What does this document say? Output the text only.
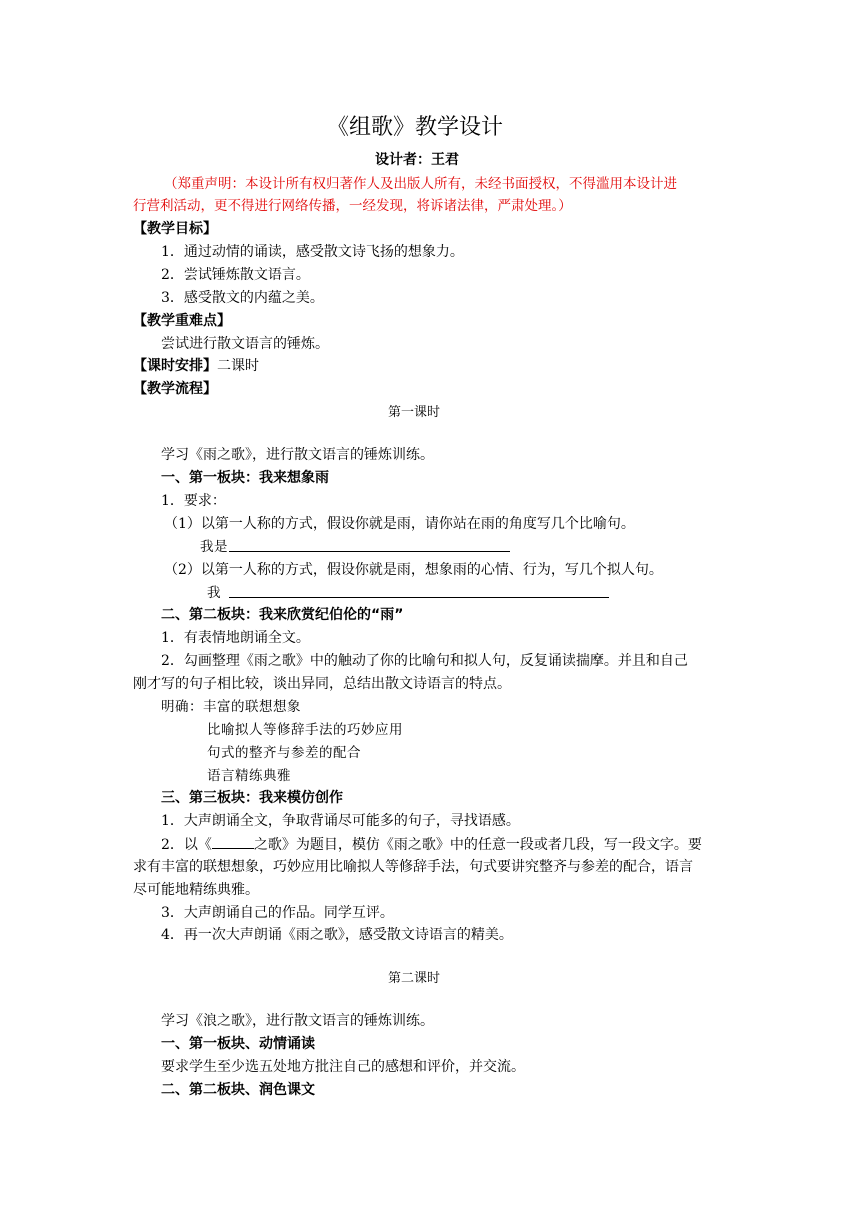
《组歌》教学设计
设计者：王君
（郑重声明：本设计所有权归著作人及出版人所有，未经书面授权，不得滥用本设计进
行营利活动，更不得进行网络传播，一经发现，将诉诸法律，严肃处理。）
【教学目标】
1．通过动情的诵读，感受散文诗飞扬的想象力。
2．尝试锤炼散文语言。
3．感受散文的内蕴之美。
【教学重难点】
尝试进行散文语言的锤炼。
【课时安排】二课时
【教学流程】
第一课时
学习《雨之歌》，进行散文语言的锤炼训练。
一、第一板块：我来想象雨
1．要求：
（1）以第一人称的方式，假设你就是雨，请你站在雨的角度写几个比喻句。
我是
（2）以第一人称的方式，假设你就是雨，想象雨的心情、行为，写几个拟人句。
我
二、第二板块：我来欣赏纪伯伦的“雨”
1．有表情地朗诵全文。
2．勾画整理《雨之歌》中的触动了你的比喻句和拟人句，反复诵读揣摩。并且和自己
刚才写的句子相比较，谈出异同，总结出散文诗语言的特点。
明确：丰富的联想想象
比喻拟人等修辞手法的巧妙应用
句式的整齐与参差的配合
语言精练典雅
三、第三板块：我来模仿创作
1．大声朗诵全文，争取背诵尽可能多的句子，寻找语感。
2．以《	之歌》为题目，模仿《雨之歌》中的任意一段或者几段，写一段文字。要
求有丰富的联想想象，巧妙应用比喻拟人等修辞手法，句式要讲究整齐与参差的配合，语言
尽可能地精练典雅。
3．大声朗诵自己的作品。同学互评。
4．再一次大声朗诵《雨之歌》，感受散文诗语言的精美。
第二课时
学习《浪之歌》，进行散文语言的锤炼训练。
一、第一板块、动情诵读
要求学生至少选五处地方批注自己的感想和评价，并交流。
二、第二板块、润色课文
